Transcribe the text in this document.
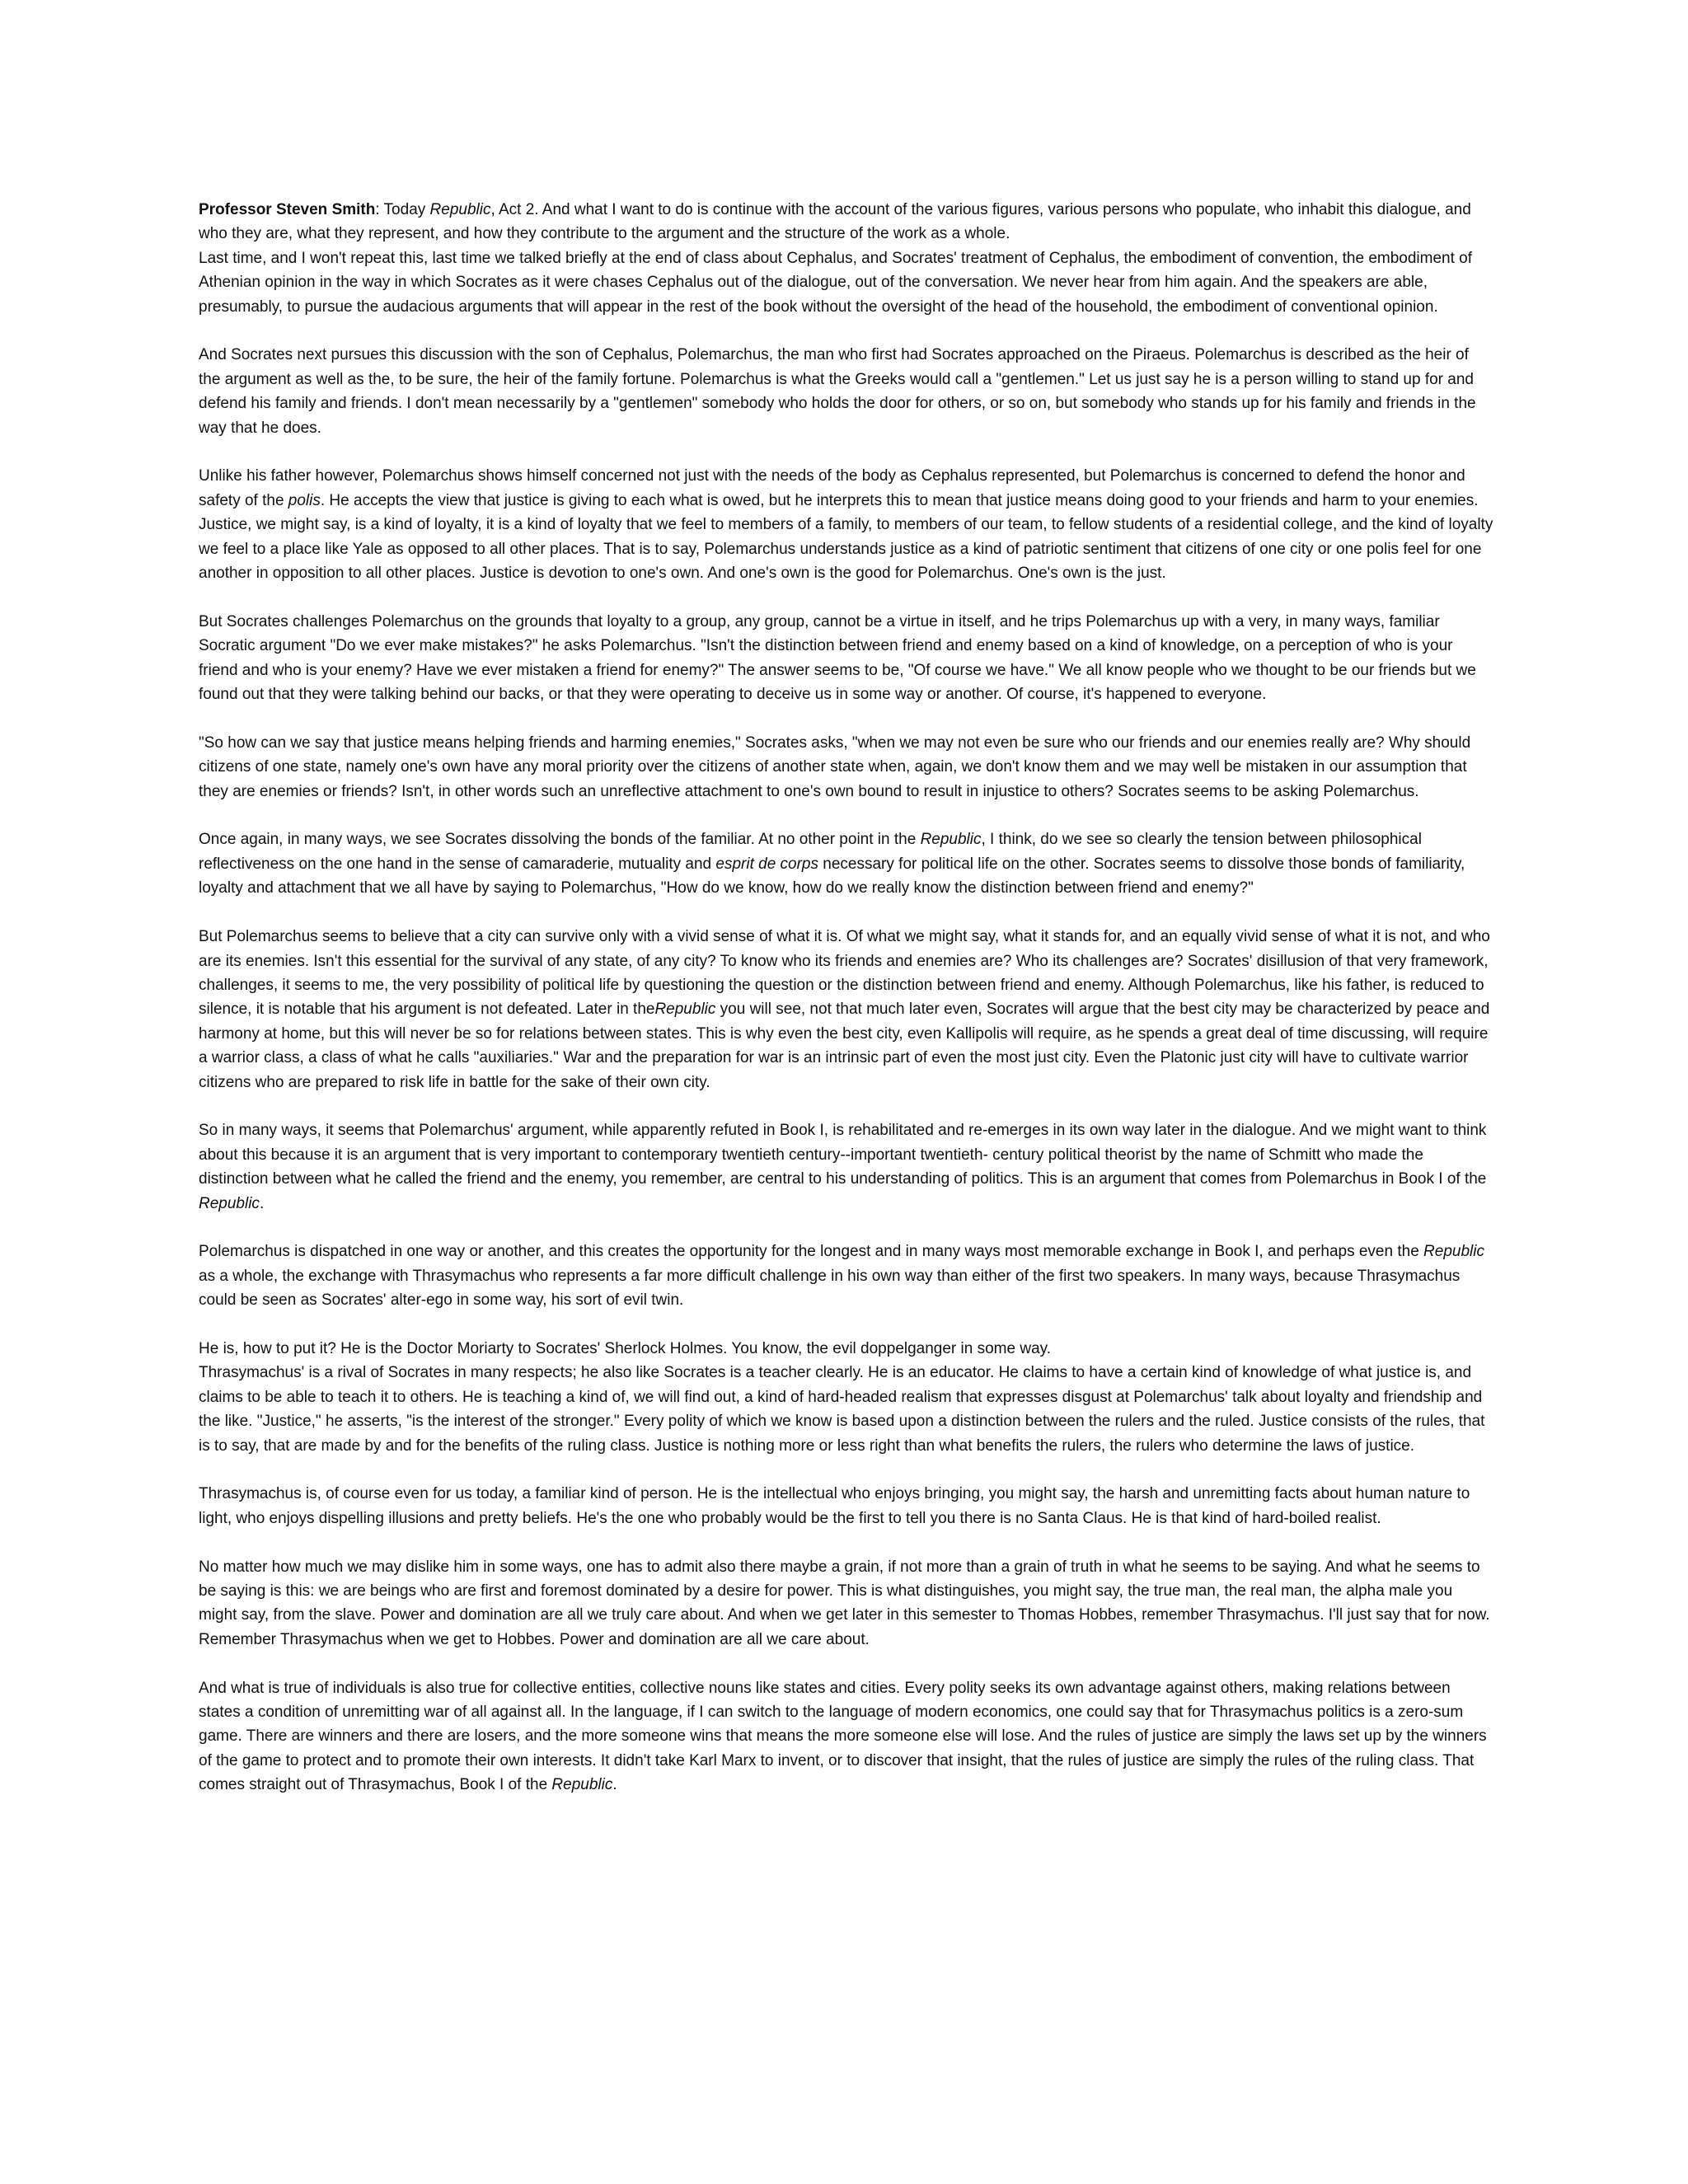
Professor Steven Smith: Today Republic, Act 2. And what I want to do is continue with the account of the various figures, various persons who populate, who inhabit this dialogue, and who they are, what they represent, and how they contribute to the argument and the structure of the work as a whole.

Last time, and I won't repeat this, last time we talked briefly at the end of class about Cephalus, and Socrates' treatment of Cephalus, the embodiment of convention, the embodiment of Athenian opinion in the way in which Socrates as it were chases Cephalus out of the dialogue, out of the conversation. We never hear from him again. And the speakers are able, presumably, to pursue the audacious arguments that will appear in the rest of the book without the oversight of the head of the household, the embodiment of conventional opinion.

And Socrates next pursues this discussion with the son of Cephalus, Polemarchus, the man who first had Socrates approached on the Piraeus. Polemarchus is described as the heir of the argument as well as the, to be sure, the heir of the family fortune. Polemarchus is what the Greeks would call a "gentlemen." Let us just say he is a person willing to stand up for and defend his family and friends. I don't mean necessarily by a "gentlemen" somebody who holds the door for others, or so on, but somebody who stands up for his family and friends in the way that he does.

Unlike his father however, Polemarchus shows himself concerned not just with the needs of the body as Cephalus represented, but Polemarchus is concerned to defend the honor and safety of the polis. He accepts the view that justice is giving to each what is owed, but he interprets this to mean that justice means doing good to your friends and harm to your enemies. Justice, we might say, is a kind of loyalty, it is a kind of loyalty that we feel to members of a family, to members of our team, to fellow students of a residential college, and the kind of loyalty we feel to a place like Yale as opposed to all other places. That is to say, Polemarchus understands justice as a kind of patriotic sentiment that citizens of one city or one polis feel for one another in opposition to all other places. Justice is devotion to one's own. And one's own is the good for Polemarchus. One's own is the just.

But Socrates challenges Polemarchus on the grounds that loyalty to a group, any group, cannot be a virtue in itself, and he trips Polemarchus up with a very, in many ways, familiar Socratic argument "Do we ever make mistakes?" he asks Polemarchus. "Isn't the distinction between friend and enemy based on a kind of knowledge, on a perception of who is your friend and who is your enemy? Have we ever mistaken a friend for enemy?" The answer seems to be, "Of course we have." We all know people who we thought to be our friends but we found out that they were talking behind our backs, or that they were operating to deceive us in some way or another. Of course, it's happened to everyone.

"So how can we say that justice means helping friends and harming enemies," Socrates asks, "when we may not even be sure who our friends and our enemies really are? Why should citizens of one state, namely one's own have any moral priority over the citizens of another state when, again, we don't know them and we may well be mistaken in our assumption that they are enemies or friends? Isn't, in other words such an unreflective attachment to one's own bound to result in injustice to others? Socrates seems to be asking Polemarchus.

Once again, in many ways, we see Socrates dissolving the bonds of the familiar. At no other point in the Republic, I think, do we see so clearly the tension between philosophical reflectiveness on the one hand in the sense of camaraderie, mutuality and esprit de corps necessary for political life on the other. Socrates seems to dissolve those bonds of familiarity, loyalty and attachment that we all have by saying to Polemarchus, "How do we know, how do we really know the distinction between friend and enemy?"

But Polemarchus seems to believe that a city can survive only with a vivid sense of what it is. Of what we might say, what it stands for, and an equally vivid sense of what it is not, and who are its enemies. Isn't this essential for the survival of any state, of any city? To know who its friends and enemies are? Who its challenges are? Socrates' disillusion of that very framework, challenges, it seems to me, the very possibility of political life by questioning the question or the distinction between friend and enemy. Although Polemarchus, like his father, is reduced to silence, it is notable that his argument is not defeated. Later in theRepublic you will see, not that much later even, Socrates will argue that the best city may be characterized by peace and harmony at home, but this will never be so for relations between states. This is why even the best city, even Kallipolis will require, as he spends a great deal of time discussing, will require a warrior class, a class of what he calls "auxiliaries." War and the preparation for war is an intrinsic part of even the most just city. Even the Platonic just city will have to cultivate warrior citizens who are prepared to risk life in battle for the sake of their own city.

So in many ways, it seems that Polemarchus' argument, while apparently refuted in Book I, is rehabilitated and re-emerges in its own way later in the dialogue. And we might want to think about this because it is an argument that is very important to contemporary twentieth century--important twentieth- century political theorist by the name of Schmitt who made the distinction between what he called the friend and the enemy, you remember, are central to his understanding of politics. This is an argument that comes from Polemarchus in Book I of the Republic.

Polemarchus is dispatched in one way or another, and this creates the opportunity for the longest and in many ways most memorable exchange in Book I, and perhaps even the Republic as a whole, the exchange with Thrasymachus who represents a far more difficult challenge in his own way than either of the first two speakers. In many ways, because Thrasymachus could be seen as Socrates' alter-ego in some way, his sort of evil twin.

He is, how to put it? He is the Doctor Moriarty to Socrates' Sherlock Holmes. You know, the evil doppelganger in some way.

Thrasymachus' is a rival of Socrates in many respects; he also like Socrates is a teacher clearly. He is an educator. He claims to have a certain kind of knowledge of what justice is, and claims to be able to teach it to others. He is teaching a kind of, we will find out, a kind of hard-headed realism that expresses disgust at Polemarchus' talk about loyalty and friendship and the like. "Justice," he asserts, "is the interest of the stronger." Every polity of which we know is based upon a distinction between the rulers and the ruled. Justice consists of the rules, that is to say, that are made by and for the benefits of the ruling class. Justice is nothing more or less right than what benefits the rulers, the rulers who determine the laws of justice.

Thrasymachus is, of course even for us today, a familiar kind of person. He is the intellectual who enjoys bringing, you might say, the harsh and unremitting facts about human nature to light, who enjoys dispelling illusions and pretty beliefs. He's the one who probably would be the first to tell you there is no Santa Claus. He is that kind of hard-boiled realist.

No matter how much we may dislike him in some ways, one has to admit also there maybe a grain, if not more than a grain of truth in what he seems to be saying. And what he seems to be saying is this: we are beings who are first and foremost dominated by a desire for power. This is what distinguishes, you might say, the true man, the real man, the alpha male you might say, from the slave. Power and domination are all we truly care about. And when we get later in this semester to Thomas Hobbes, remember Thrasymachus. I'll just say that for now. Remember Thrasymachus when we get to Hobbes. Power and domination are all we care about.

And what is true of individuals is also true for collective entities, collective nouns like states and cities. Every polity seeks its own advantage against others, making relations between states a condition of unremitting war of all against all. In the language, if I can switch to the language of modern economics, one could say that for Thrasymachus politics is a zero-sum game. There are winners and there are losers, and the more someone wins that means the more someone else will lose. And the rules of justice are simply the laws set up by the winners of the game to protect and to promote their own interests. It didn't take Karl Marx to invent, or to discover that insight, that the rules of justice are simply the rules of the ruling class. That comes straight out of Thrasymachus, Book I of the Republic.
